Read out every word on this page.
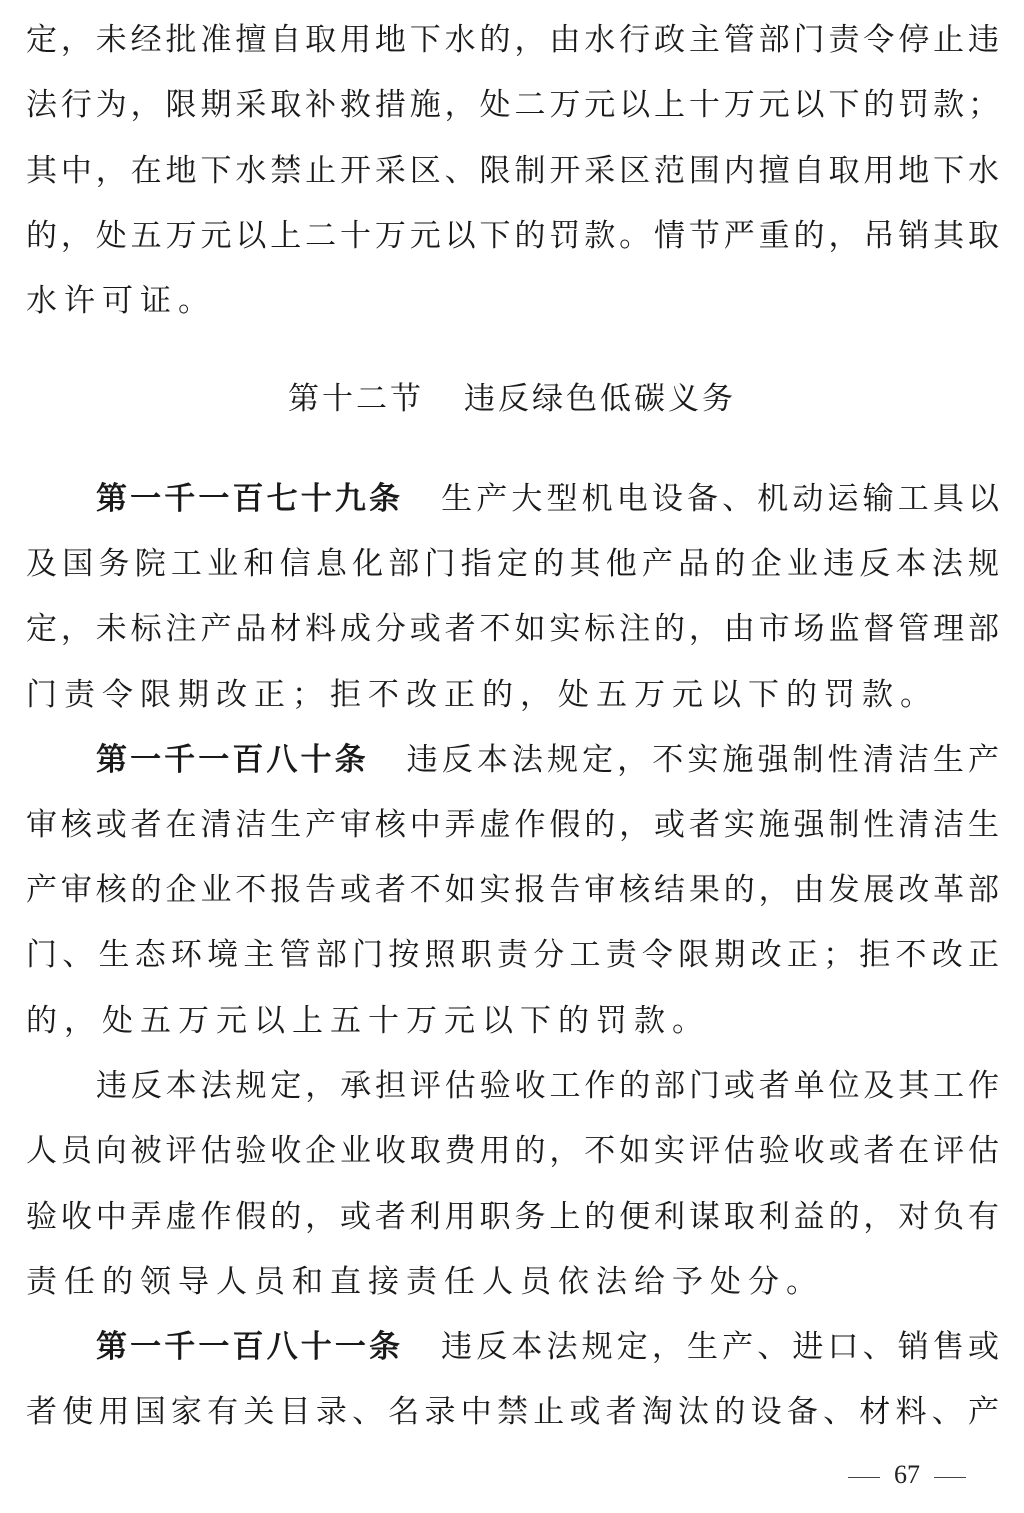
定，未经批准擅自取用地下水的，由水行政主管部门责令停止违
法行为，限期采取补救措施，处二万元以上十万元以下的罚款；
其中，在地下水禁止开采区、限制开采区范围内擅自取用地下水
的，处五万元以上二十万元以下的罚款。情节严重的，吊销其取
水许可证。
第十二节 违反绿色低碳义务
第一千一百七十九条 生产大型机电设备、机动运输工具以
及国务院工业和信息化部门指定的其他产品的企业违反本法规
定，未标注产品材料成分或者不如实标注的，由市场监督管理部
门责令限期改正；拒不改正的，处五万元以下的罚款。
第一千一百八十条 违反本法规定，不实施强制性清洁生产
审核或者在清洁生产审核中弄虚作假的，或者实施强制性清洁生
产审核的企业不报告或者不如实报告审核结果的，由发展改革部
门、生态环境主管部门按照职责分工责令限期改正；拒不改正
的，处五万元以上五十万元以下的罚款。
违反本法规定，承担评估验收工作的部门或者单位及其工作
人员向被评估验收企业收取费用的，不如实评估验收或者在评估
验收中弄虚作假的，或者利用职务上的便利谋取利益的，对负有
责任的领导人员和直接责任人员依法给予处分。
第一千一百八十一条 违反本法规定，生产、进口、销售或
者使用国家有关目录、名录中禁止或者淘汰的设备、材料、产
67
